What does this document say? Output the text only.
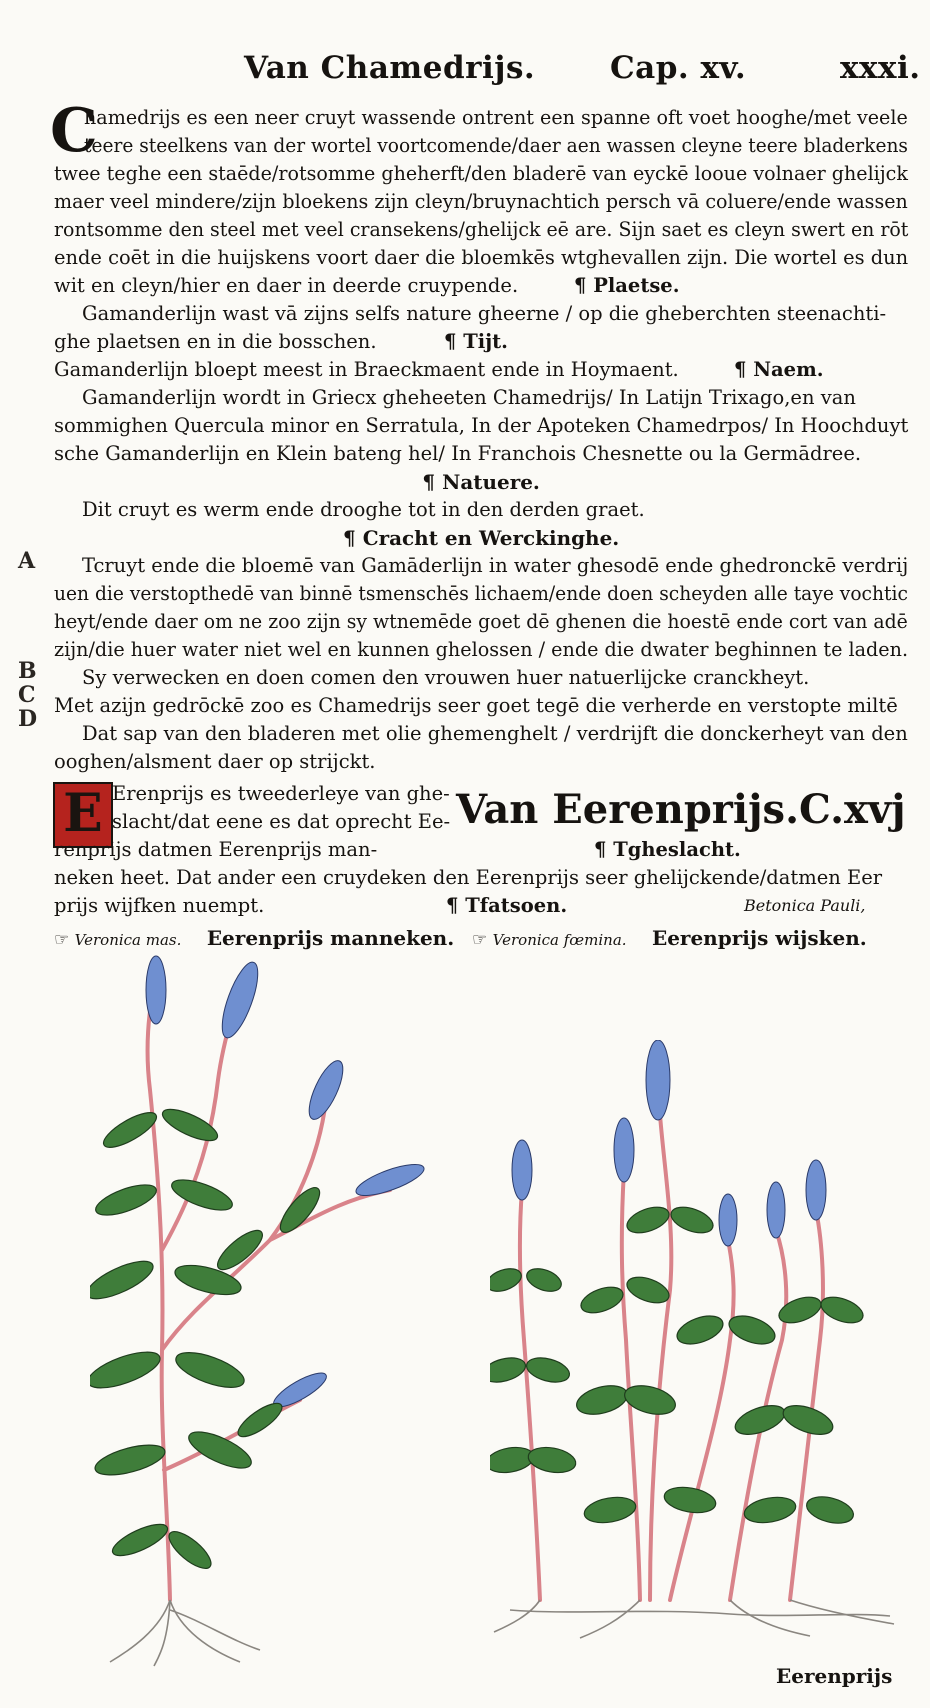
Van Chamedrijs. Cap. xv.	xxxi.
C
hamedrijs es een neer cruyt wassende ontrent een spanne oft voet hooghe/met veele
teere steelkens van der wortel voortcomende/daer aen wassen cleyne teere bladerkens
twee teghe een staēde/rotsomme gheherft/den bladerē van eyckē looue volnaer ghelijck
maer veel mindere/zijn bloekens zijn cleyn/bruynachtich persch vā coluere/ende wassen
rontsomme den steel met veel cransekens/ghelijck eē are. Sijn saet es cleyn swert en rōt
ende coēt in die huijskens voort daer die bloemkēs wtghevallen zijn. Die wortel es dun
wit en cleyn/hier en daer in deerde cruypende.	¶ Plaetse.
Gamanderlijn wast vā zijns selfs nature gheerne / op die gheberchten steenachti-
ghe plaetsen en in die bosschen.	¶ Tijt.
Gamanderlijn bloept meest in Braeckmaent ende in Hoymaent.	¶ Naem.
Gamanderlijn wordt in Griecx gheheeten Chamedrijs/ In Latijn Trixago,en van
sommighen Quercula minor en Serratula, In der Apoteken Chamedrpos/ In Hoochduyt
sche Gamanderlijn en Klein bateng hel/ In Franchois Chesnette ou la Germādree.
¶ Natuere.
Dit cruyt es werm ende drooghe tot in den derden graet.
¶ Cracht en Werckinghe.
Tcruyt ende die bloemē van Gamāderlijn in water ghesodē ende ghedronckē verdrij
uen die verstopthedē van binnē tsmenschēs lichaem/ende doen scheyden alle taye vochtic
heyt/ende daer om ne zoo zijn sy wtnemēde goet dē ghenen die hoestē ende cort van adē
zijn/die huer water niet wel en kunnen ghelossen / ende die dwater beghinnen te laden.
Sy verwecken en doen comen den vrouwen huer natuerlijcke cranckheyt.
Met azijn gedrōckē zoo es Chamedrijs seer goet tegē die verherde en verstopte miltē
Dat sap van den bladeren met olie ghemenghelt / verdrijft die donckerheyt van den
ooghen/alsment daer op strijckt.
A
B
C
D
E	Van Eerenprijs.C.xvj
Erenprijs es tweederleye van ghe-
slacht/dat eene es dat oprecht Ee-
renprijs datmen Eerenprijs man-	¶ Tgheslacht.
neken heet. Dat ander een cruydeken den Eerenprijs seer ghelijckende/datmen Eer
prijs wijfken nuempt.	¶ Tfatsoen.	Betonica Pauli,
☞ Veronica mas. Eerenprijs manneken. ☞ Veronica fœmina. Eerenprijs wijsken.

Eerenprijs
